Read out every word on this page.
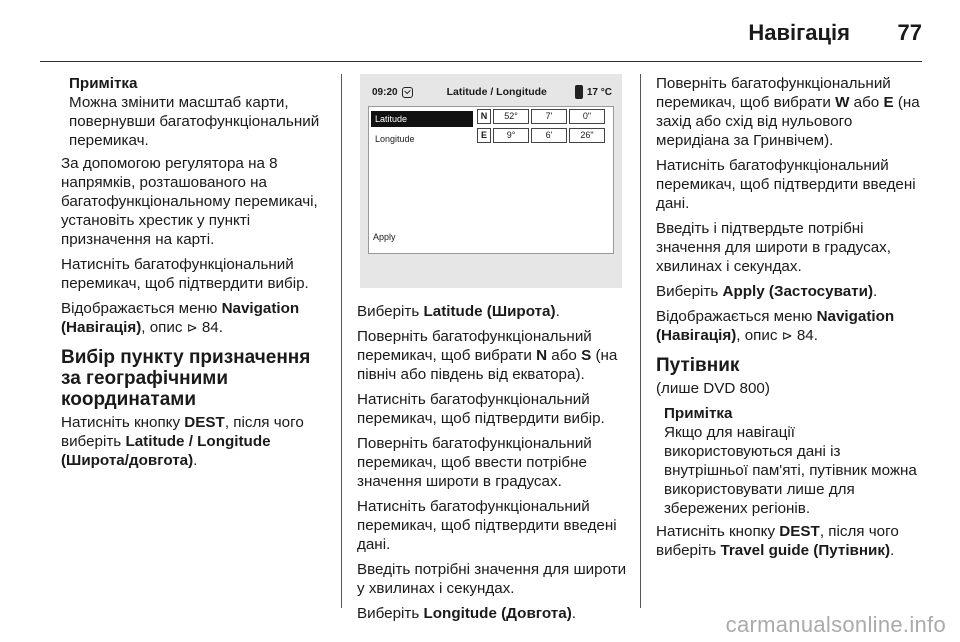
Навігація 77
Примітка
Можна змінити масштаб карти, повернувши багатофункціональний перемикач.

За допомогою регулятора на 8 напрямків, розташованого на багатофункціональному перемикачі, установіть хрестик у пункті призначення на карті.

Натисніть багатофункціональний перемикач, щоб підтвердити вибір.

Відображається меню Navigation (Навігація), опис ⊳ 84.

Вибір пункту призначення за географічними координатами

Натисніть кнопку DEST, після чого виберіть Latitude / Longitude (Широта/довгота).

09:20	Latitude / Longitude	17 °C
Latitude
Longitude
Apply
N	52°	7'	0"
E	9°	6'	26"

Виберіть Latitude (Широта).

Поверніть багатофункціональний перемикач, щоб вибрати N або S (на північ або південь від екватора).

Натисніть багатофункціональний перемикач, щоб підтвердити вибір.

Поверніть багатофункціональний перемикач, щоб ввести потрібне значення широти в градусах.

Натисніть багатофункціональний перемикач, щоб підтвердити введені дані.

Введіть потрібні значення для широти у хвилинах і секундах.

Виберіть Longitude (Довгота).

Поверніть багатофункціональний перемикач, щоб вибрати W або E (на захід або схід від нульового меридіана за Гринвічем).

Натисніть багатофункціональний перемикач, щоб підтвердити введені дані.

Введіть і підтвердьте потрібні значення для широти в градусах, хвилинах і секундах.

Виберіть Apply (Застосувати).

Відображається меню Navigation (Навігація), опис ⊳ 84.

Путівник

(лише DVD 800)

Примітка
Якщо для навігації використовуються дані із внутрішньої пам'яті, путівник можна використовувати лише для збережених регіонів.

Натисніть кнопку DEST, після чого виберіть Travel guide (Путівник).

carmanualsonline.info
